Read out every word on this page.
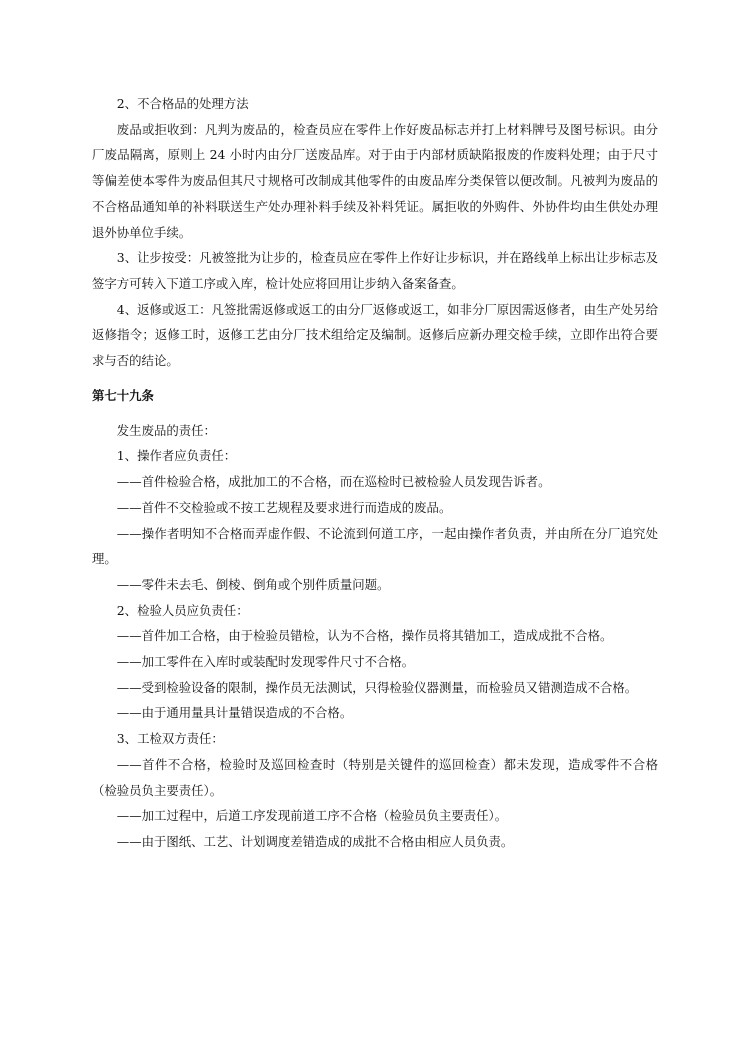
2、不合格品的处理方法

废品或拒收到：凡判为废品的，检查员应在零件上作好废品标志并打上材料牌号及图号标识。由分厂废品隔离，原则上 24 小时内由分厂送废品库。对于由于内部材质缺陷报废的作废料处理；由于尺寸等偏差使本零件为废品但其尺寸规格可改制成其他零件的由废品库分类保管以便改制。凡被判为废品的不合格品通知单的补料联送生产处办理补料手续及补料凭证。属拒收的外购件、外协件均由生供处办理退外协单位手续。

3、让步按受：凡被签批为让步的，检查员应在零件上作好让步标识，并在路线单上标出让步标志及签字方可转入下道工序或入库，检计处应将回用让步纳入备案备查。

4、返修或返工：凡签批需返修或返工的由分厂返修或返工，如非分厂原因需返修者，由生产处另给返修指令；返修工时，返修工艺由分厂技术组给定及编制。返修后应新办理交检手续，立即作出符合要求与否的结论。

第七十九条

发生废品的责任：

1、操作者应负责任：

——首件检验合格，成批加工的不合格，而在巡检时已被检验人员发现告诉者。

——首件不交检验或不按工艺规程及要求进行而造成的废品。

——操作者明知不合格而弄虚作假、不论流到何道工序，一起由操作者负责，并由所在分厂追究处理。

——零件未去毛、倒棱、倒角或个别件质量问题。

2、检验人员应负责任：

——首件加工合格，由于检验员错检，认为不合格，操作员将其错加工，造成成批不合格。

——加工零件在入库时或装配时发现零件尺寸不合格。

——受到检验设备的限制，操作员无法测试，只得检验仪器测量，而检验员又错测造成不合格。

——由于通用量具计量错误造成的不合格。

3、工检双方责任：

——首件不合格，检验时及巡回检查时（特别是关键件的巡回检查）都未发现，造成零件不合格（检验员负主要责任）。

——加工过程中，后道工序发现前道工序不合格（检验员负主要责任）。

——由于图纸、工艺、计划调度差错造成的成批不合格由相应人员负责。
